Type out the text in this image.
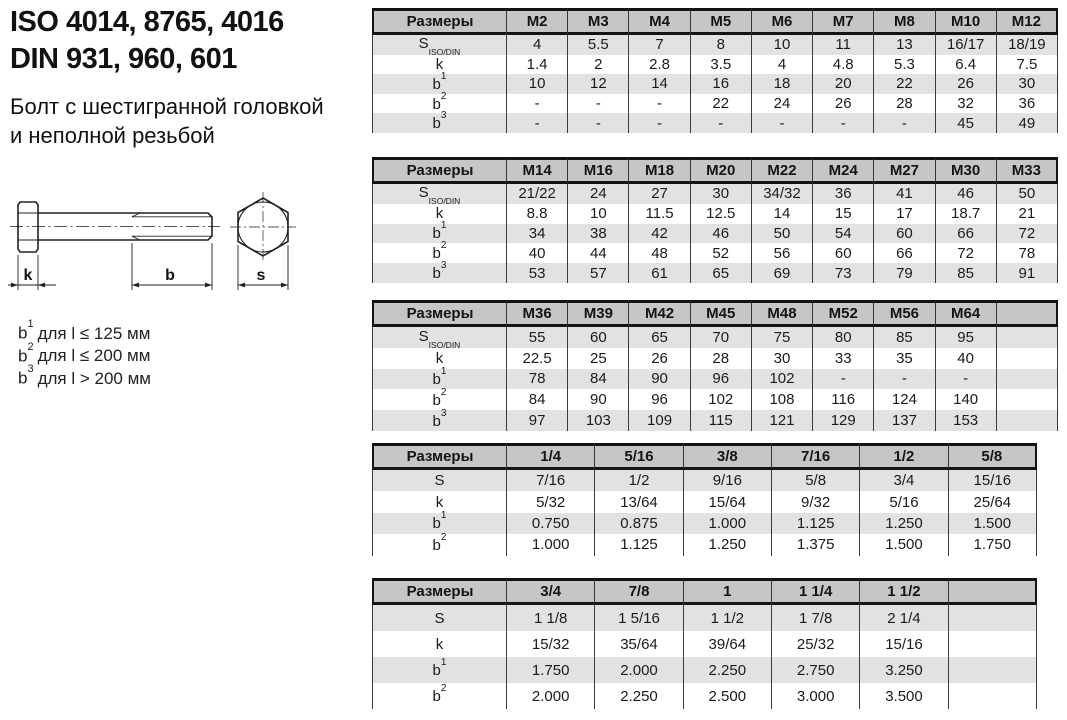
ISO 4014, 8765, 4016
DIN 931, 960, 601
Болт с шестигранной головкой
и неполной резьбой
k	b	s
$b^1$ для l ≤ 125 мм
$b^2$ для l ≤ 200 мм
$b^3$ для l > 200 мм
Размеры	M2	M3	M4	M5	M6	M7	M8	M10	M12
$S_{ISO/DIN}$	4	5.5	7	8	10	11	13	16/17	18/19
k	1.4	2	2.8	3.5	4	4.8	5.3	6.4	7.5
$b^1$	10	12	14	16	18	20	22	26	30
$b^2$	-	-	-	22	24	26	28	32	36
$b^3$	-	-	-	-	-	-	-	45	49
Размеры	M14	M16	M18	M20	M22	M24	M27	M30	M33
$S_{ISO/DIN}$	21/22	24	27	30	34/32	36	41	46	50
k	8.8	10	11.5	12.5	14	15	17	18.7	21
$b^1$	34	38	42	46	50	54	60	66	72
$b^2$	40	44	48	52	56	60	66	72	78
$b^3$	53	57	61	65	69	73	79	85	91
Размеры	M36	M39	M42	M45	M48	M52	M56	M64	
$S_{ISO/DIN}$	55	60	65	70	75	80	85	95	
k	22.5	25	26	28	30	33	35	40	
$b^1$	78	84	90	96	102	-	-	-	
$b^2$	84	90	96	102	108	116	124	140	
$b^3$	97	103	109	115	121	129	137	153	
Размеры	1/4	5/16	3/8	7/16	1/2	5/8
S	7/16	1/2	9/16	5/8	3/4	15/16
k	5/32	13/64	15/64	9/32	5/16	25/64
$b^1$	0.750	0.875	1.000	1.125	1.250	1.500
$b^2$	1.000	1.125	1.250	1.375	1.500	1.750
Размеры	3/4	7/8	1	1 1/4	1 1/2	
S	1 1/8	1 5/16	1 1/2	1 7/8	2 1/4	
k	15/32	35/64	39/64	25/32	15/16	
$b^1$	1.750	2.000	2.250	2.750	3.250	
$b^2$	2.000	2.250	2.500	3.000	3.500	
